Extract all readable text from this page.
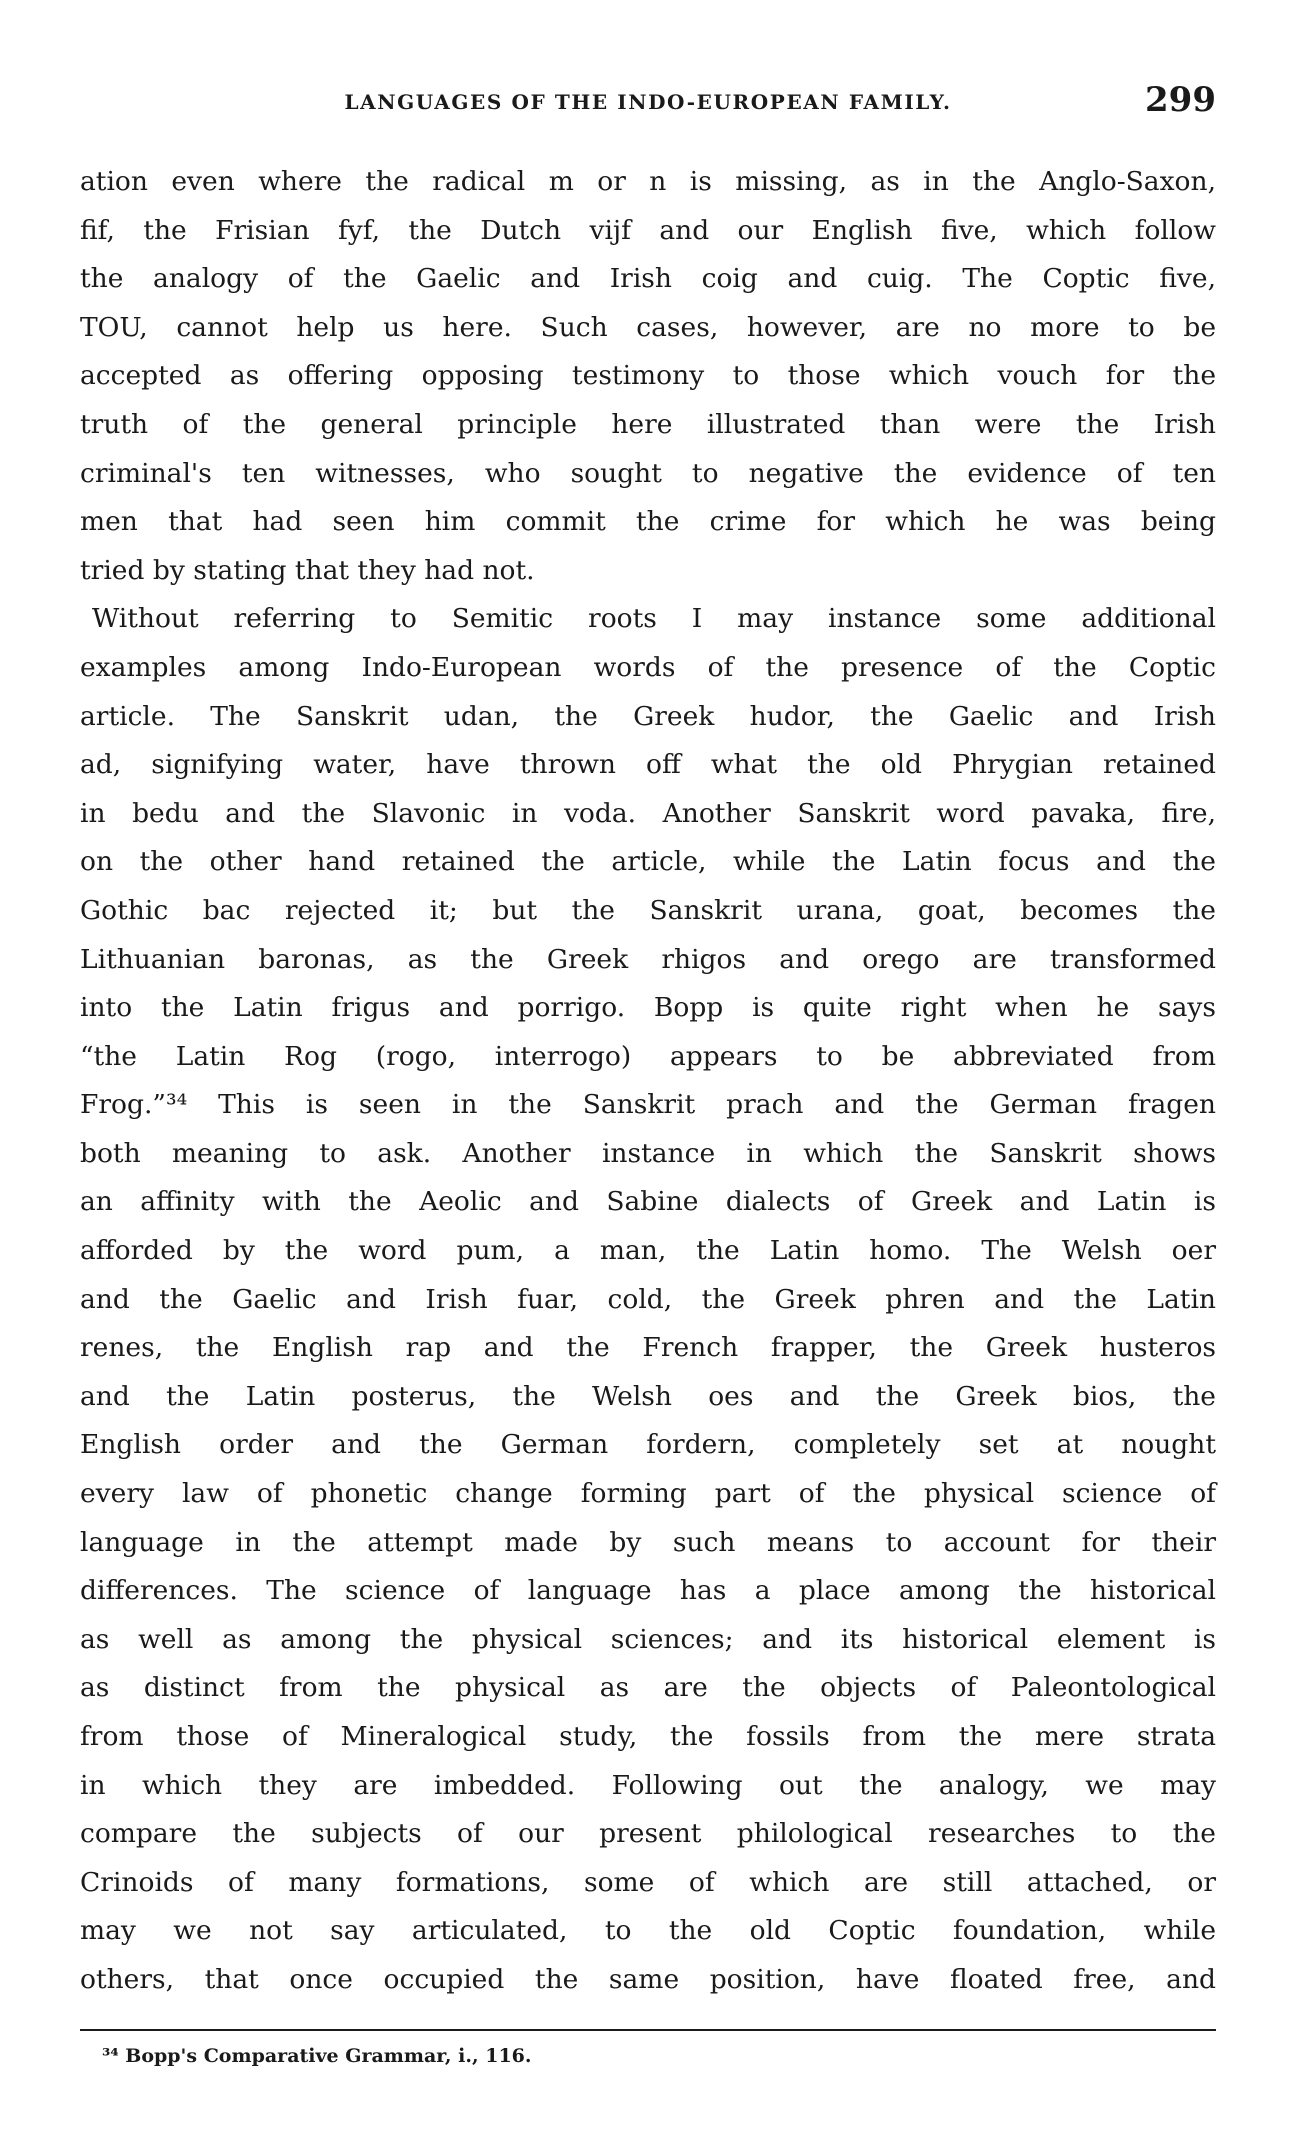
LANGUAGES OF THE INDO-EUROPEAN FAMILY.	299
ation even where the radical m or n is missing, as in the Anglo-Saxon,
fif, the Frisian fyf, the Dutch vijf and our English five, which follow
the analogy of the Gaelic and Irish coig and cuig. The Coptic five,
TOU, cannot help us here. Such cases, however, are no more to be
accepted as offering opposing testimony to those which vouch for the
truth of the general principle here illustrated than were the Irish
criminal's ten witnesses, who sought to negative the evidence of ten
men that had seen him commit the crime for which he was being
tried by stating that they had not.
Without referring to Semitic roots I may instance some additional
examples among Indo-European words of the presence of the Coptic
article. The Sanskrit udan, the Greek hudor, the Gaelic and Irish
ad, signifying water, have thrown off what the old Phrygian retained
in bedu and the Slavonic in voda. Another Sanskrit word pavaka, fire,
on the other hand retained the article, while the Latin focus and the
Gothic bac rejected it; but the Sanskrit urana, goat, becomes the
Lithuanian baronas, as the Greek rhigos and orego are transformed
into the Latin frigus and porrigo. Bopp is quite right when he says
“the Latin Rog (rogo, interrogo) appears to be abbreviated from
Frog.”³⁴ This is seen in the Sanskrit prach and the German fragen
both meaning to ask. Another instance in which the Sanskrit shows
an affinity with the Aeolic and Sabine dialects of Greek and Latin is
afforded by the word pum, a man, the Latin homo. The Welsh oer
and the Gaelic and Irish fuar, cold, the Greek phren and the Latin
renes, the English rap and the French frapper, the Greek husteros
and the Latin posterus, the Welsh oes and the Greek bios, the
English order and the German fordern, completely set at nought
every law of phonetic change forming part of the physical science of
language in the attempt made by such means to account for their
differences. The science of language has a place among the historical
as well as among the physical sciences; and its historical element is
as distinct from the physical as are the objects of Paleontological
from those of Mineralogical study, the fossils from the mere strata
in which they are imbedded. Following out the analogy, we may
compare the subjects of our present philological researches to the
Crinoids of many formations, some of which are still attached, or
may we not say articulated, to the old Coptic foundation, while
others, that once occupied the same position, have floated free, and
³⁴ Bopp's Comparative Grammar, i., 116.
